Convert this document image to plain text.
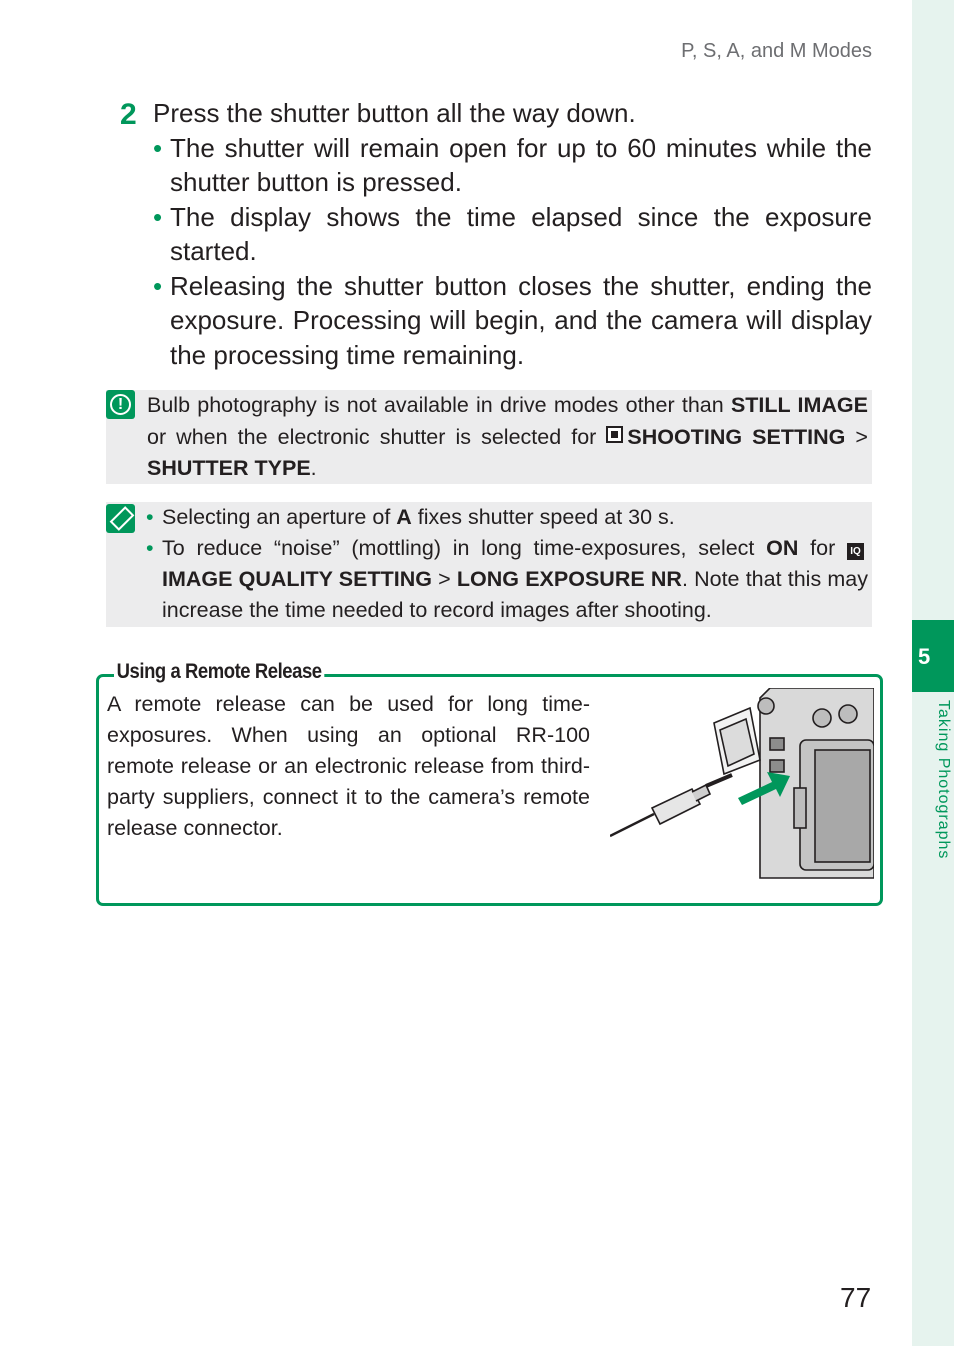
P, S, A, and M Modes
5
Taking Photographs
2 Press the shutter button all the way down.
• The shutter will remain open for up to 60 minutes while the shutter button is pressed.
• The display shows the time elapsed since the exposure started.
• Releasing the shutter button closes the shutter, ending the exposure. Processing will begin, and the camera will display the processing time remaining.
!	Bulb photography is not available in drive modes other than STILL IMAGE or when the electronic shutter is selected for SHOOTING SETTING > SHUTTER TYPE.
• Selecting an aperture of A fixes shutter speed at 30 s.
• To reduce “noise” (mottling) in long time-exposures, select ON for IQIMAGE QUALITY SETTING > LONG EXPOSURE NR. Note that this may increase the time needed to record images after shooting.
Using a Remote Release
A remote release can be used for long time-exposures. When using an optional RR-100 remote release or an electronic release from third-party suppliers, connect it to the camera’s remote release connector.
77
